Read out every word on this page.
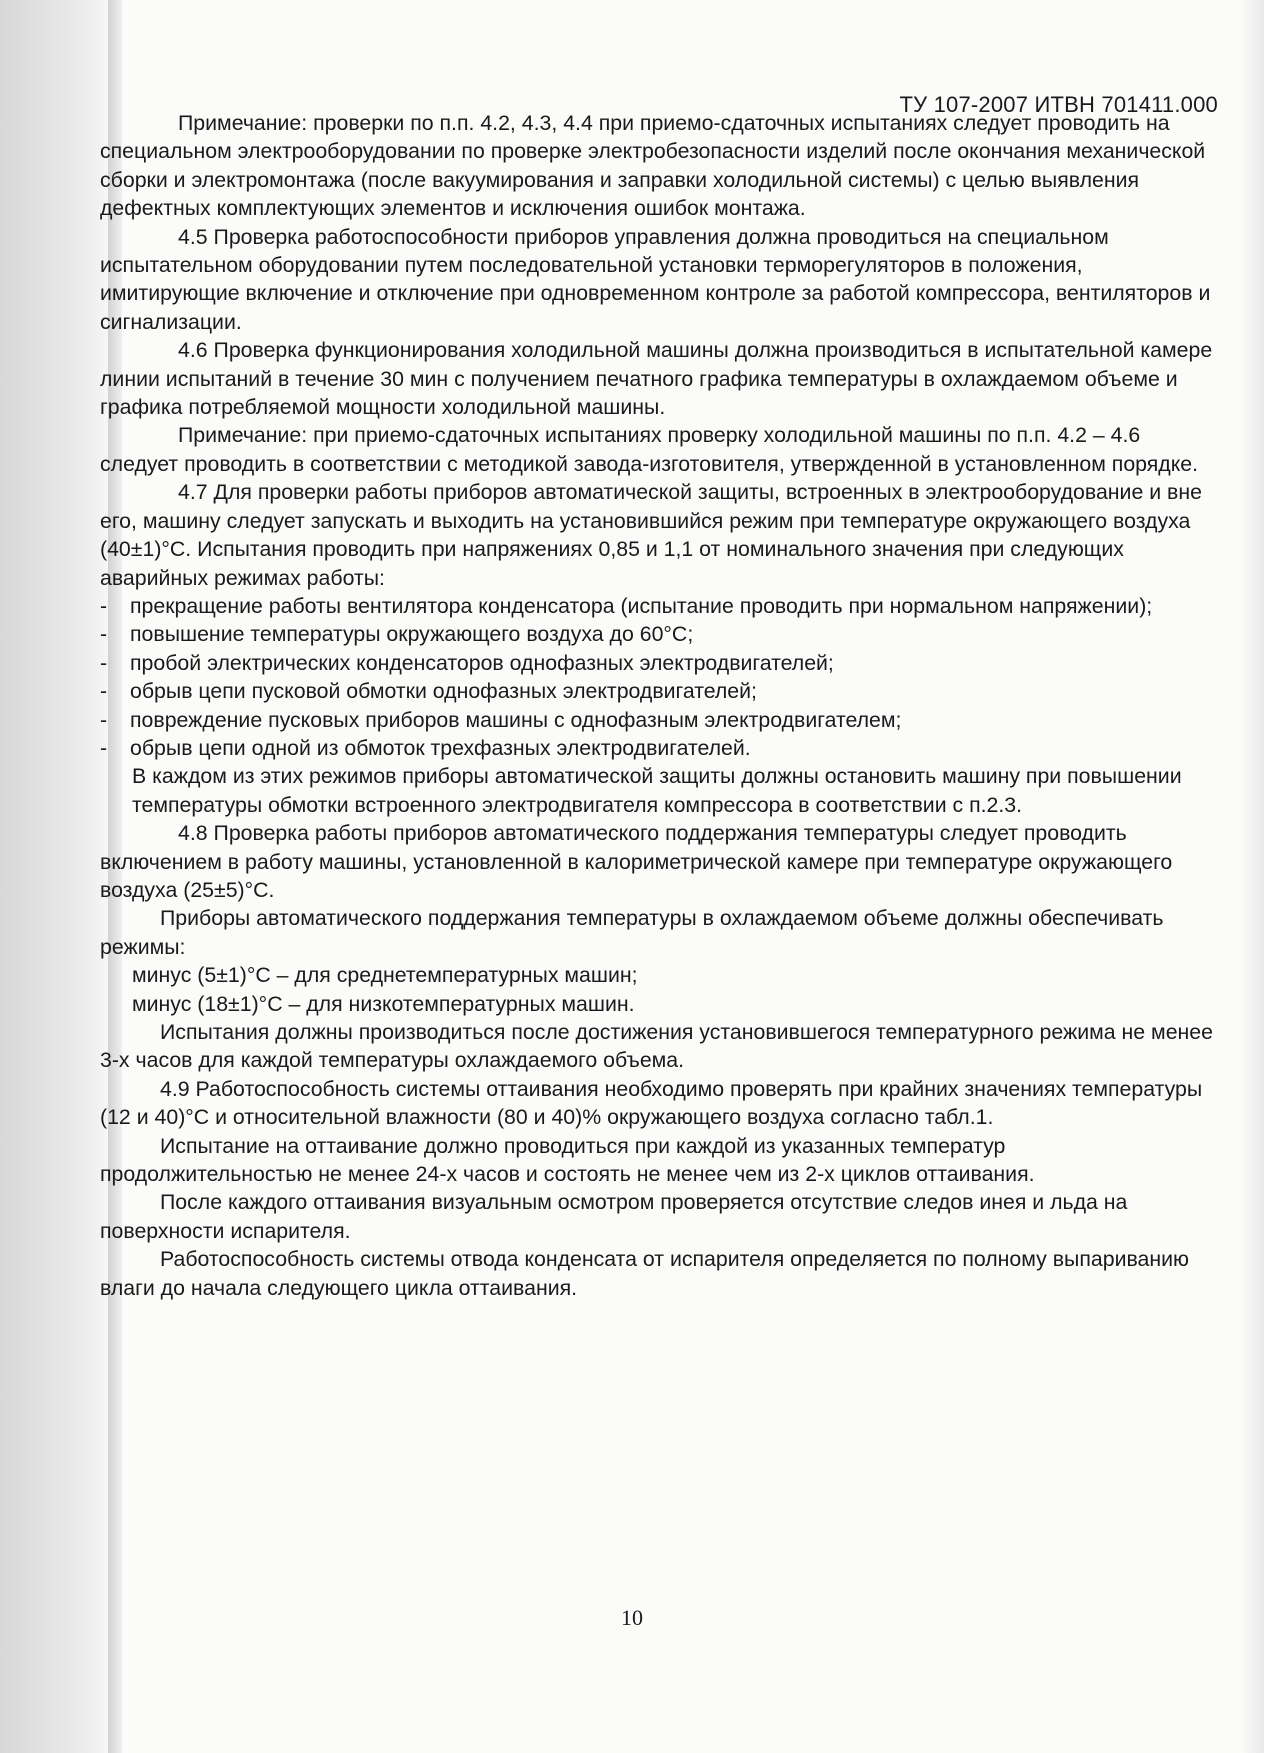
ТУ 107-2007 ИТВН 701411.000

Примечание: проверки по п.п. 4.2, 4.3, 4.4 при приемо-сдаточных испытаниях следует проводить на специальном электрооборудовании по проверке электробезопасности изделий после окончания механической сборки и электромонтажа (после вакуумирования и заправки холодильной системы) с целью выявления дефектных комплектующих элементов и исключения ошибок монтажа.

4.5 Проверка работоспособности приборов управления должна проводиться на специальном испытательном оборудовании путем последовательной установки терморегуляторов в положения, имитирующие включение и отключение при одновременном контроле за работой компрессора, вентиляторов и сигнализации.

4.6 Проверка функционирования холодильной машины должна производиться в испытательной камере линии испытаний в течение 30 мин с получением печатного графика температуры в охлаждаемом объеме и графика потребляемой мощности холодильной машины.

Примечание: при приемо-сдаточных испытаниях проверку холодильной машины по п.п. 4.2 – 4.6 следует проводить в соответствии с методикой завода-изготовителя, утвержденной в установленном порядке.

4.7 Для проверки работы приборов автоматической защиты, встроенных в электрооборудование и вне его, машину следует запускать и выходить на установившийся режим при температуре окружающего воздуха (40±1)°С. Испытания проводить при напряжениях 0,85 и 1,1 от номинального значения при следующих аварийных режимах работы:

- прекращение работы вентилятора конденсатора (испытание проводить при нормальном напряжении);
- повышение температуры окружающего воздуха до 60°С;
- пробой электрических конденсаторов однофазных электродвигателей;
- обрыв цепи пусковой обмотки однофазных электродвигателей;
- повреждение пусковых приборов машины с однофазным электродвигателем;
- обрыв цепи одной из обмоток трехфазных электродвигателей.

В каждом из этих режимов приборы автоматической защиты должны остановить машину при повышении температуры обмотки встроенного электродвигателя компрессора в соответствии с п.2.3.

4.8 Проверка работы приборов автоматического поддержания температуры следует проводить включением в работу машины, установленной в калориметрической камере при температуре окружающего воздуха (25±5)°С.

Приборы автоматического поддержания температуры в охлаждаемом объеме должны обеспечивать режимы:

минус (5±1)°С – для среднетемпературных машин;

минус (18±1)°С – для низкотемпературных машин.

Испытания должны производиться после достижения установившегося температурного режима не менее 3-х часов для каждой температуры охлаждаемого объема.

4.9 Работоспособность системы оттаивания необходимо проверять при крайних значениях температуры (12 и 40)°С и относительной влажности (80 и 40)% окружающего воздуха согласно табл.1.

Испытание на оттаивание должно проводиться при каждой из указанных температур продолжительностью не менее 24-х часов и состоять не менее чем из 2-х циклов оттаивания.

После каждого оттаивания визуальным осмотром проверяется отсутствие следов инея и льда на поверхности испарителя.

Работоспособность системы отвода конденсата от испарителя определяется по полному выпариванию влаги до начала следующего цикла оттаивания.

10
